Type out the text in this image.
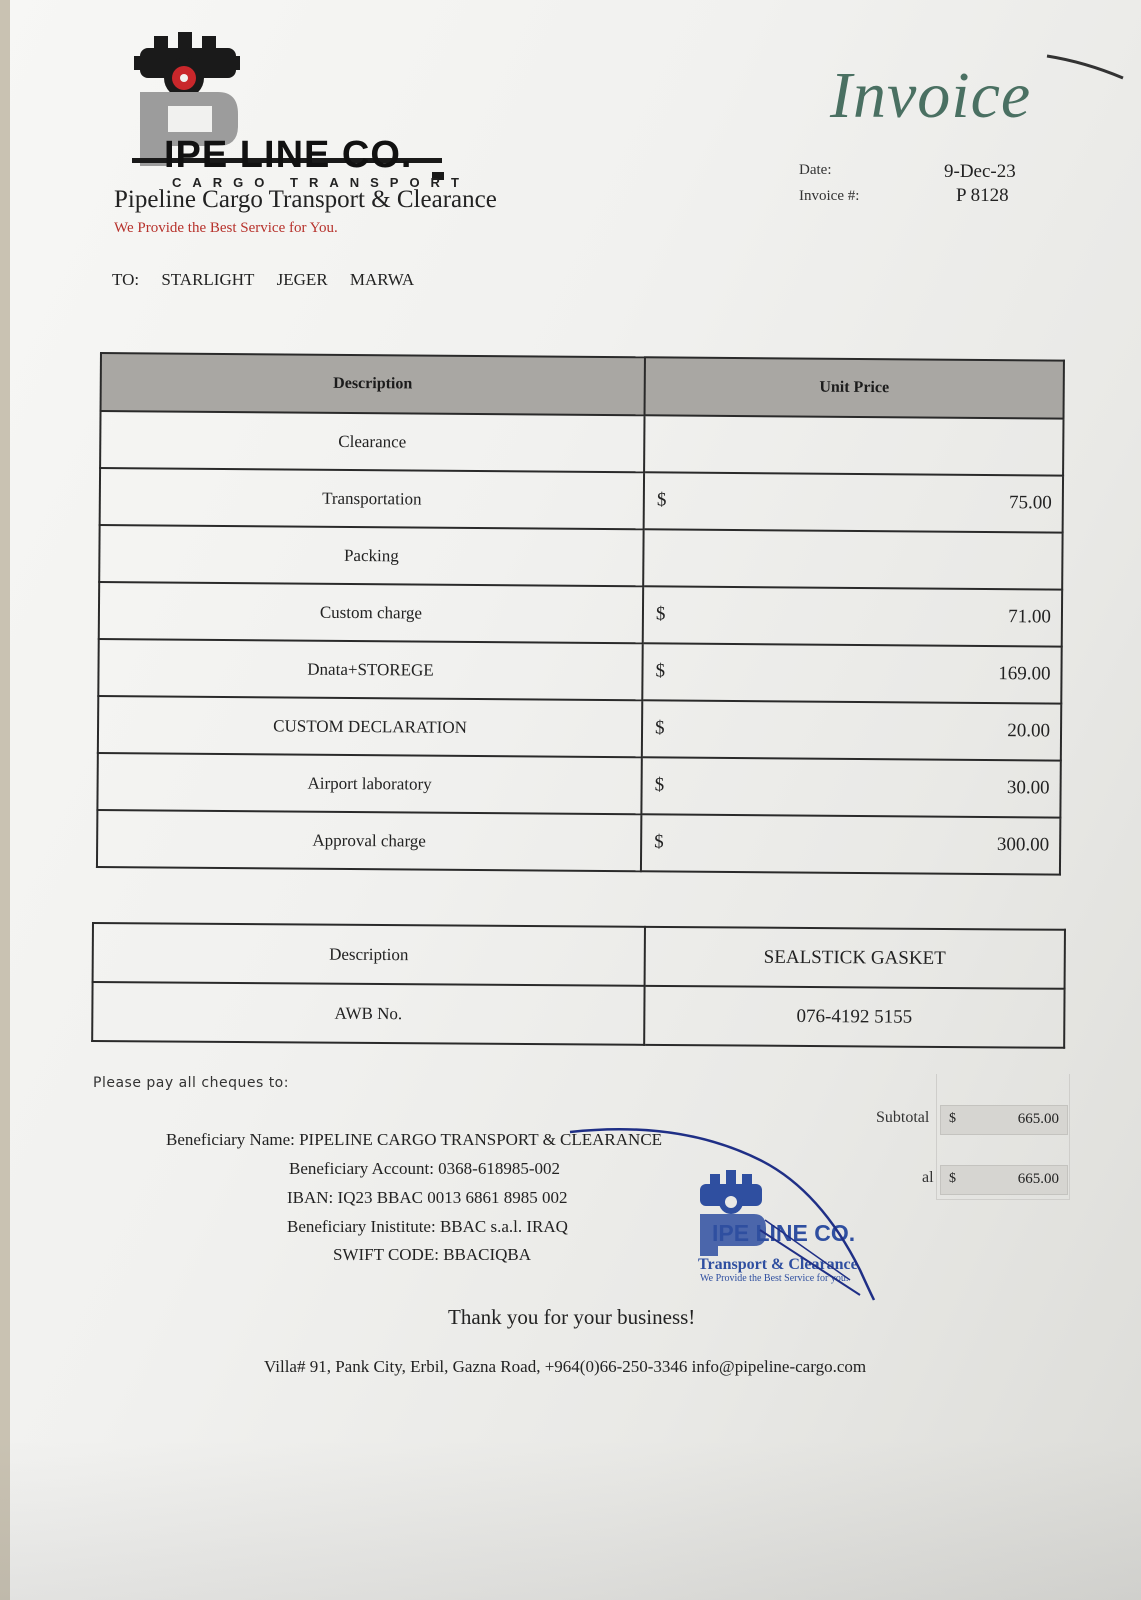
IPE LINE CO.
CARGO TRANSPORT
Pipeline Cargo Transport & Clearance
We Provide the Best Service for You.
Invoice
Date:	9-Dec-23
Invoice #:	P 8128
TO: STARLIGHT JEGER MARWA
Description	Unit Price
Clearance	

Transportation	$ 75.00

Packing	

Custom charge	$ 71.00

Dnata+STOREGE	$ 169.00

CUSTOM DECLARATION	$ 20.00

Airport laboratory	$ 30.00

Approval charge	$ 300.00
Description	SEALSTICK GASKET
AWB No.	076-4192 5155
Please pay all cheques to:
Beneficiary Name: PIPELINE CARGO TRANSPORT & CLEARANCE
Beneficiary Account: 0368-618985-002
IBAN: IQ23 BBAC 0013 6861 8985 002
Beneficiary Inistitute: BBAC s.a.l. IRAQ
SWIFT CODE: BBACIQBA
Subtotal $	665.00
al $	665.00
IPE LINE CO.
Transport & Clearance
We Provide the Best Service for you.
Thank you for your business!
Villa# 91, Pank City, Erbil, Gazna Road, +964(0)66-250-3346 info@pipeline-cargo.com
